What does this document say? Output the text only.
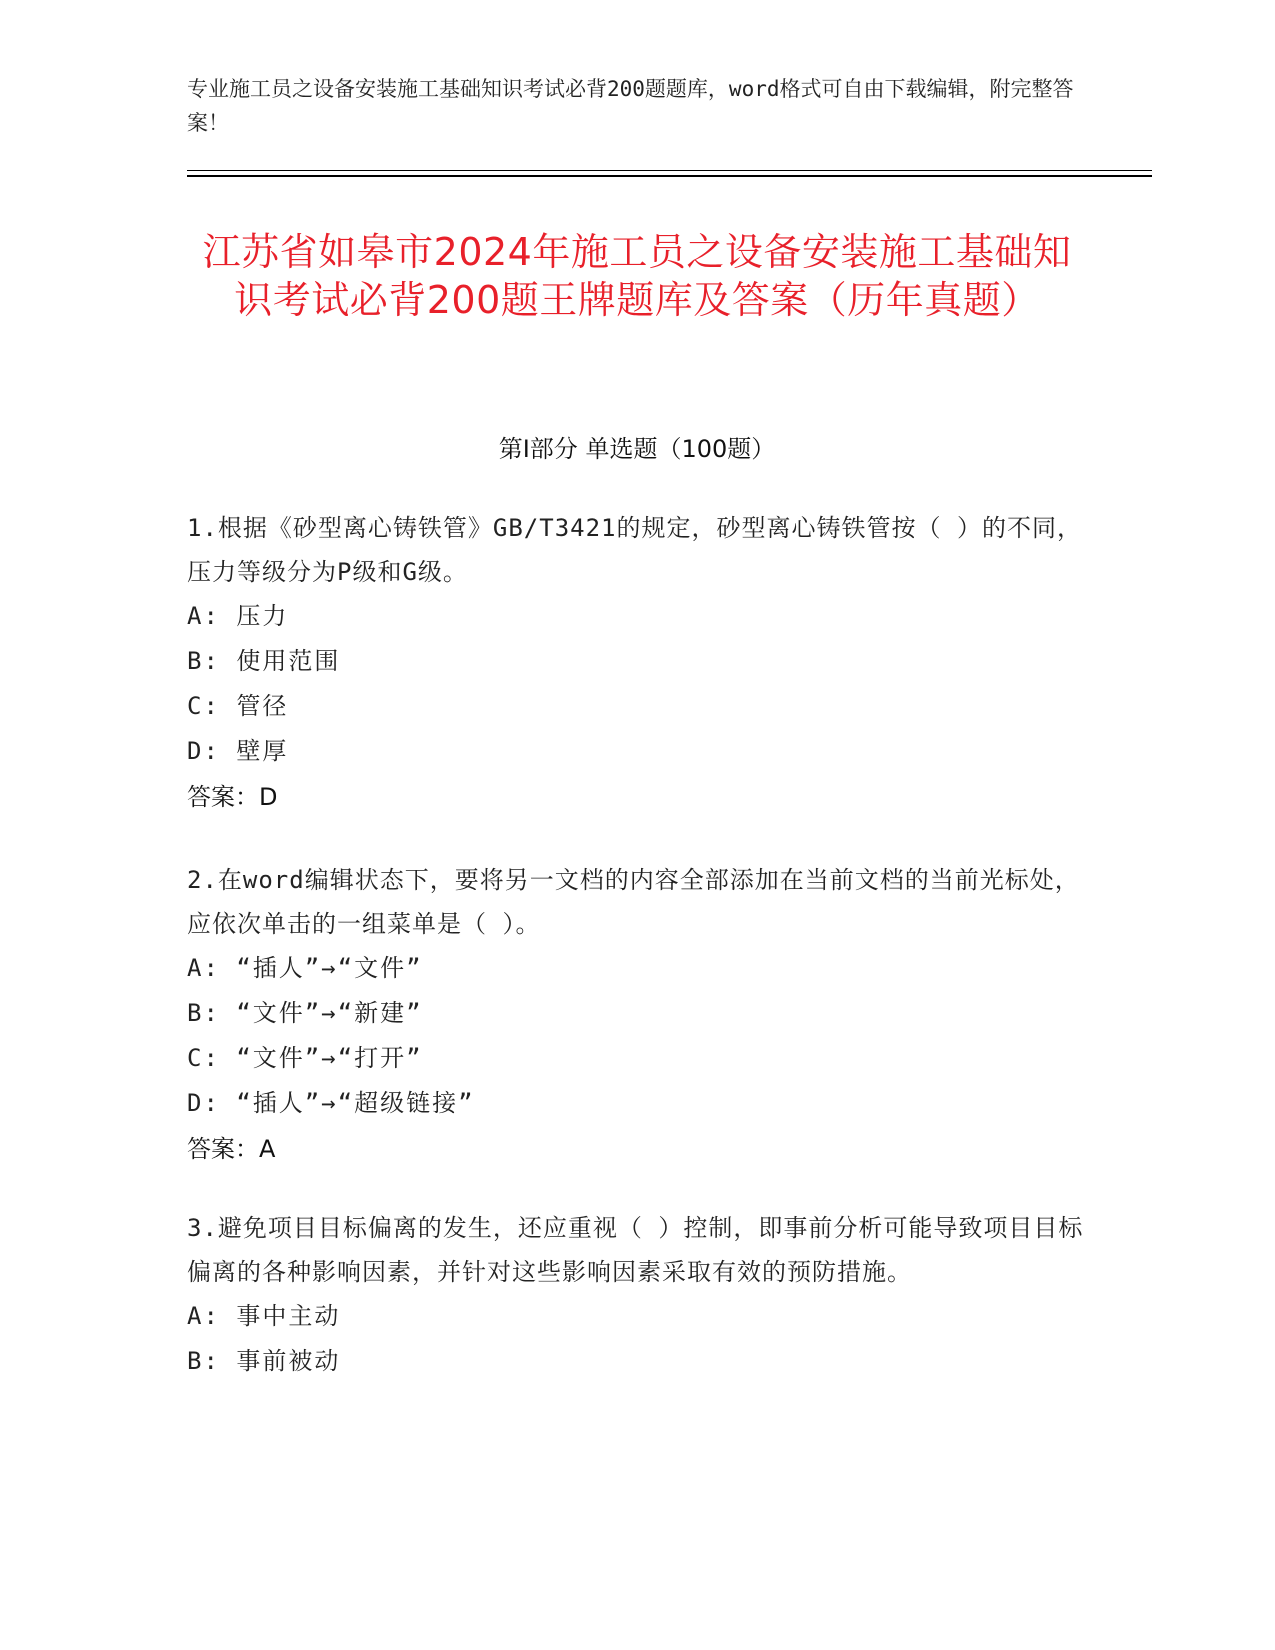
专业施工员之设备安装施工基础知识考试必背200题题库，word格式可自由下载编辑，附完整答案！
江苏省如皋市2024年施工员之设备安装施工基础知识考试必背200题王牌题库及答案（历年真题）
第Ⅰ部分 单选题（100题）
1.根据《砂型离心铸铁管》GB/T3421的规定，砂型离心铸铁管按（ ）的不同，压力等级分为P级和G级。
A: 压力
B: 使用范围
C: 管径
D: 壁厚
答案：D
2.在word编辑状态下，要将另一文档的内容全部添加在当前文档的当前光标处，应依次单击的一组菜单是（ ）。
A: “插人”→“文件”
B: “文件”→“新建”
C: “文件”→“打开”
D: “插人”→“超级链接”
答案：A
3.避免项目目标偏离的发生，还应重视（ ）控制，即事前分析可能导致项目目标偏离的各种影响因素，并针对这些影响因素采取有效的预防措施。
A: 事中主动
B: 事前被动
